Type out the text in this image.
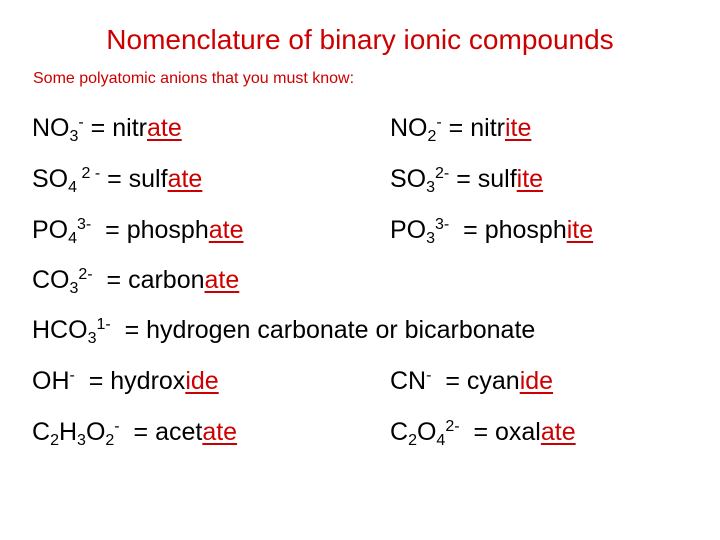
Nomenclature of binary ionic compounds
Some polyatomic anions that you must know:
$NO_3^-$ = nitrate	$NO_2^-$ = nitrite
$SO_4$ $^{2 -}$ = sulfate	$SO_3^{2-}$ = sulfite
$PO_4^{3-}$  = phosphate	$PO_3^{3-}$  = phosphite
$CO_3^{2-}$  = carbonate
$HCO_3^{1-}$  = hydrogen carbonate or bicarbonate
OH-  = hydroxide	CN-  = cyanide
$C_2H_3O_2^-$  = acetate	$C_2O_4^{2-}$  = oxalate
